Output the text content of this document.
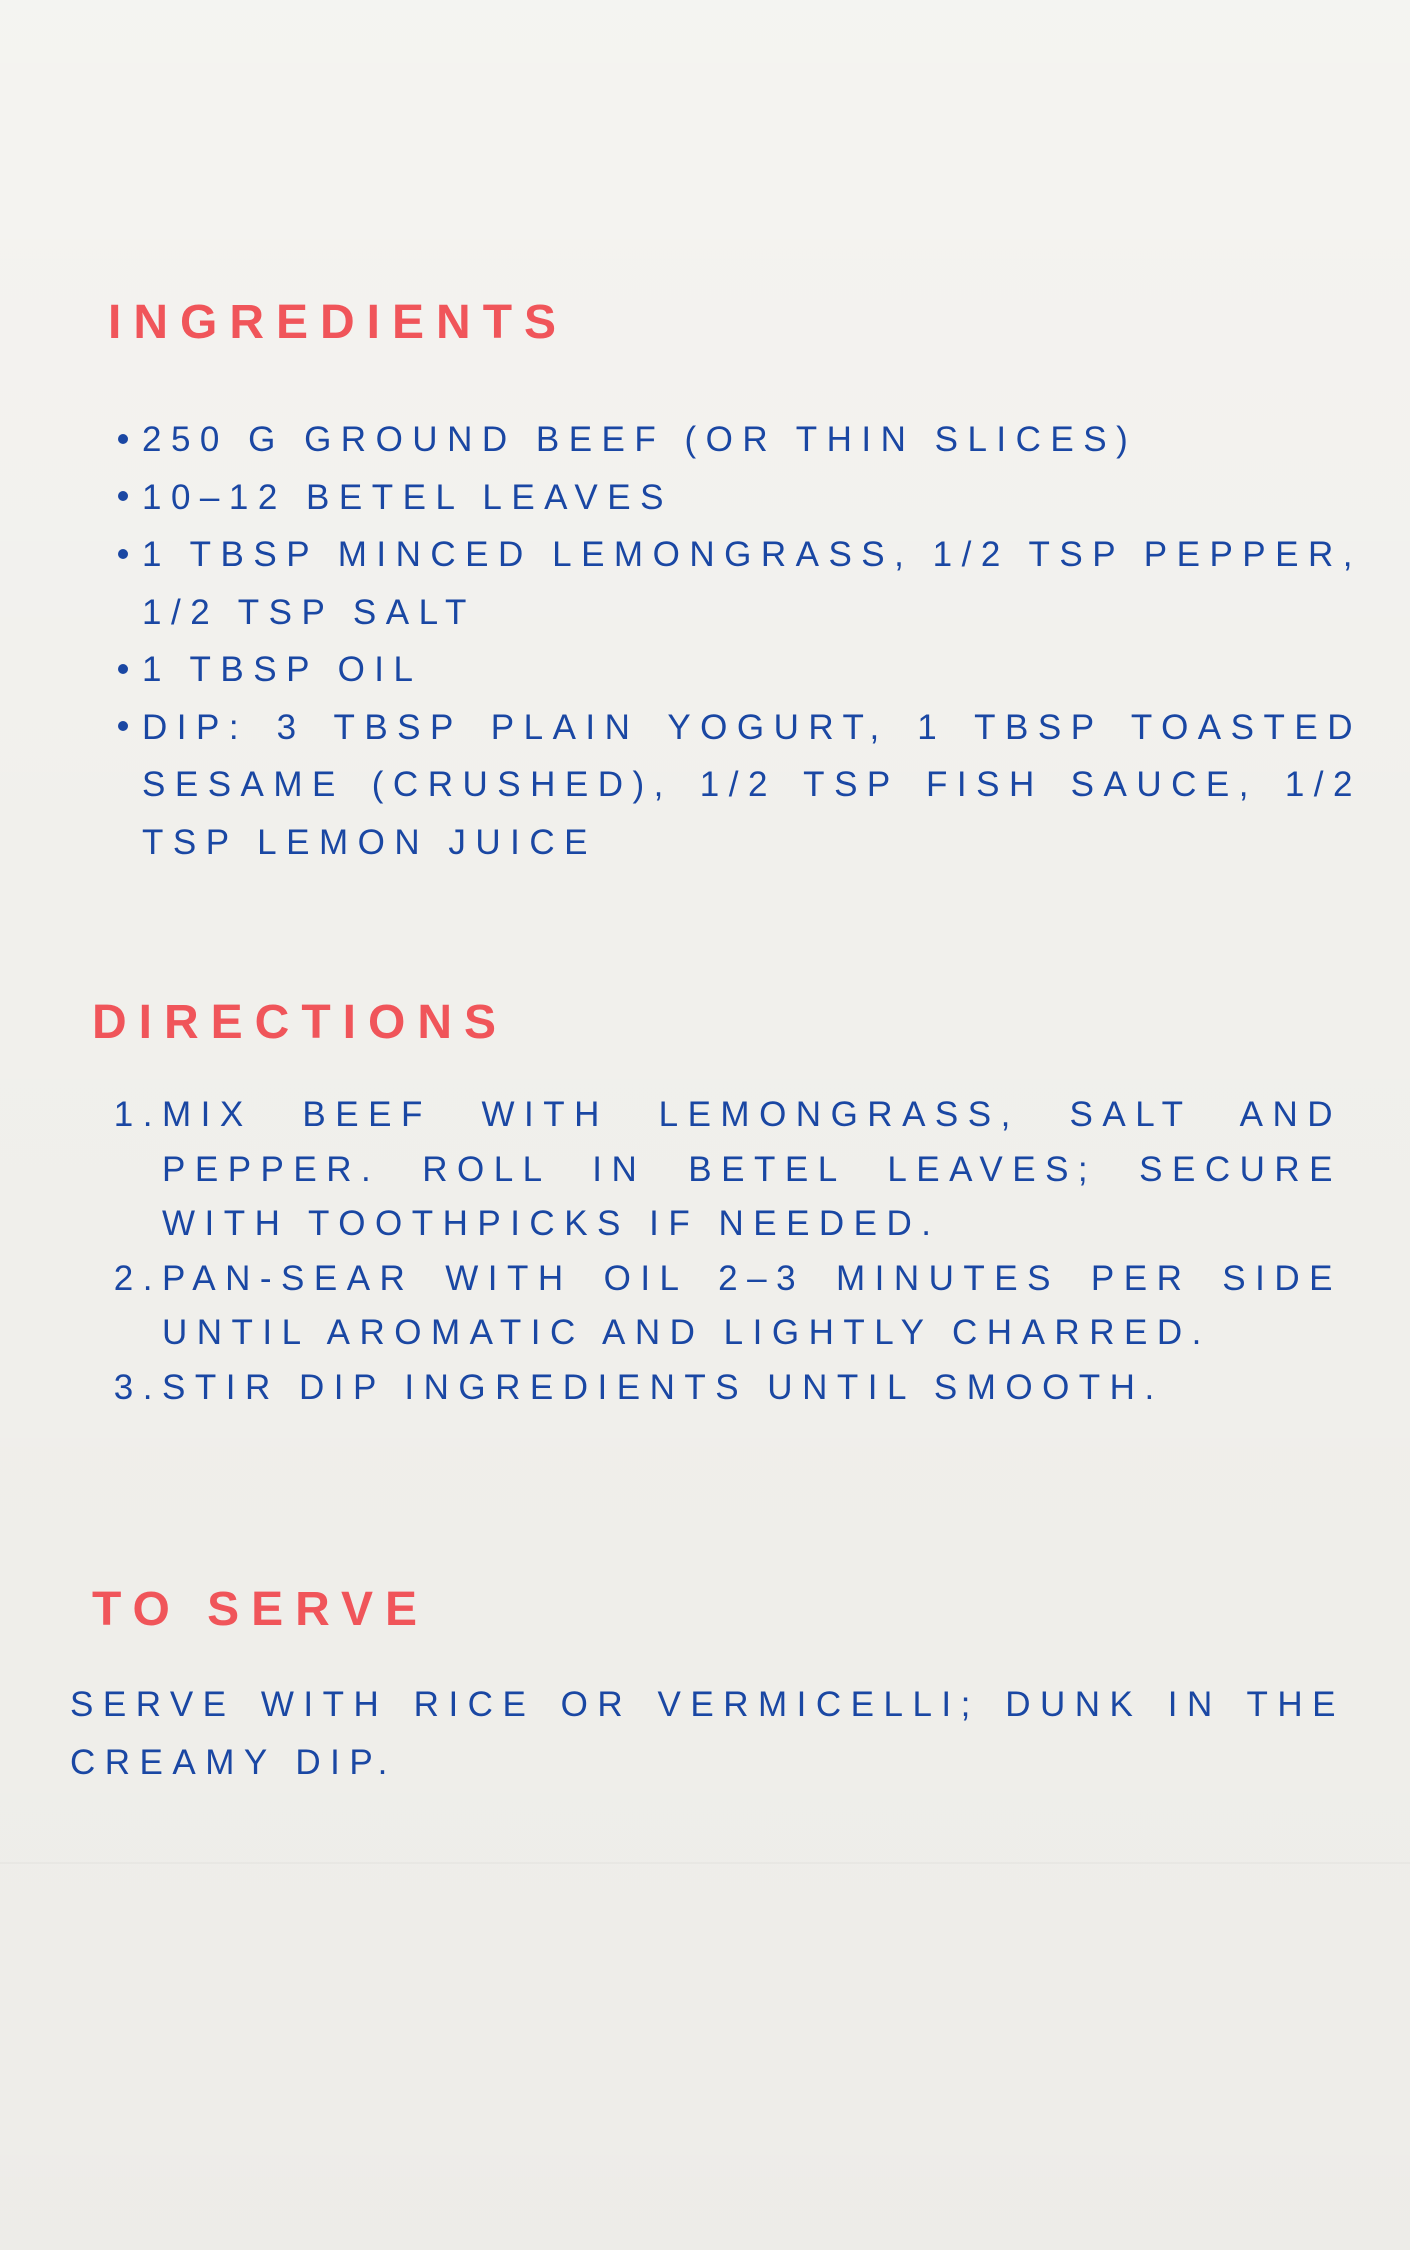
INGREDIENTS
250 G GROUND BEEF (OR THIN SLICES)
10–12 BETEL LEAVES
1 TBSP MINCED LEMONGRASS, 1/2 TSP PEPPER, 1/2 TSP SALT
1 TBSP OIL
DIP: 3 TBSP PLAIN YOGURT, 1 TBSP TOASTED SESAME (CRUSHED), 1/2 TSP FISH SAUCE, 1/2 TSP LEMON JUICE
DIRECTIONS
1. MIX BEEF WITH LEMONGRASS, SALT AND PEPPER. ROLL IN BETEL LEAVES; SECURE WITH TOOTHPICKS IF NEEDED.
2. PAN-SEAR WITH OIL 2–3 MINUTES PER SIDE UNTIL AROMATIC AND LIGHTLY CHARRED.
3. STIR DIP INGREDIENTS UNTIL SMOOTH.
TO SERVE

SERVE WITH RICE OR VERMICELLI; DUNK IN THE CREAMY DIP.
